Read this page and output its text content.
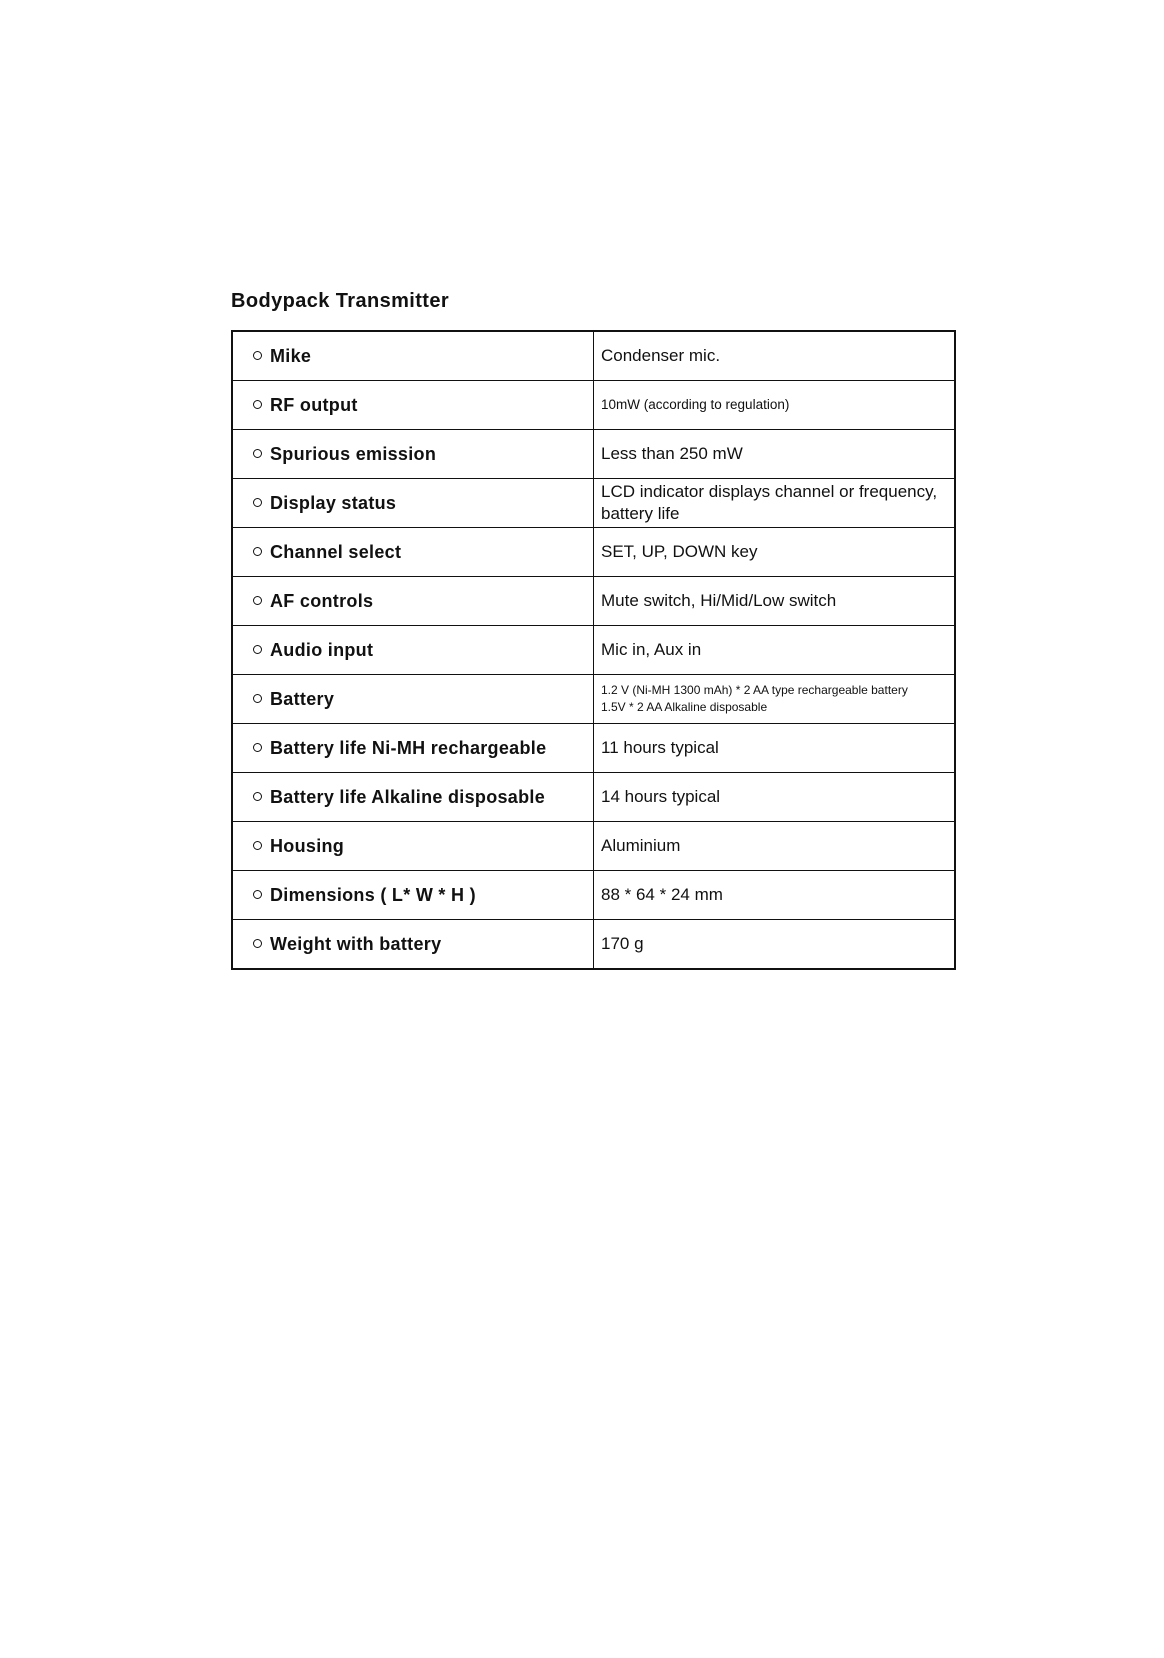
Bodypack Transmitter
Mike	Condenser mic.

RF output	10mW (according to regulation)

Spurious emission	Less than 250 mW

Display status	LCD indicator displays channel or frequency,
battery life

Channel select	SET, UP, DOWN key

AF controls	Mute switch, Hi/Mid/Low switch

Audio input	Mic in, Aux in

Battery	1.2 V (Ni-MH 1300 mAh) * 2 AA type rechargeable battery
1.5V * 2 AA Alkaline disposable

Battery life Ni-MH rechargeable	11 hours typical

Battery life Alkaline disposable	14 hours typical

Housing	Aluminium

Dimensions ( L* W * H )	88 * 64 * 24 mm

Weight with battery	170 g
